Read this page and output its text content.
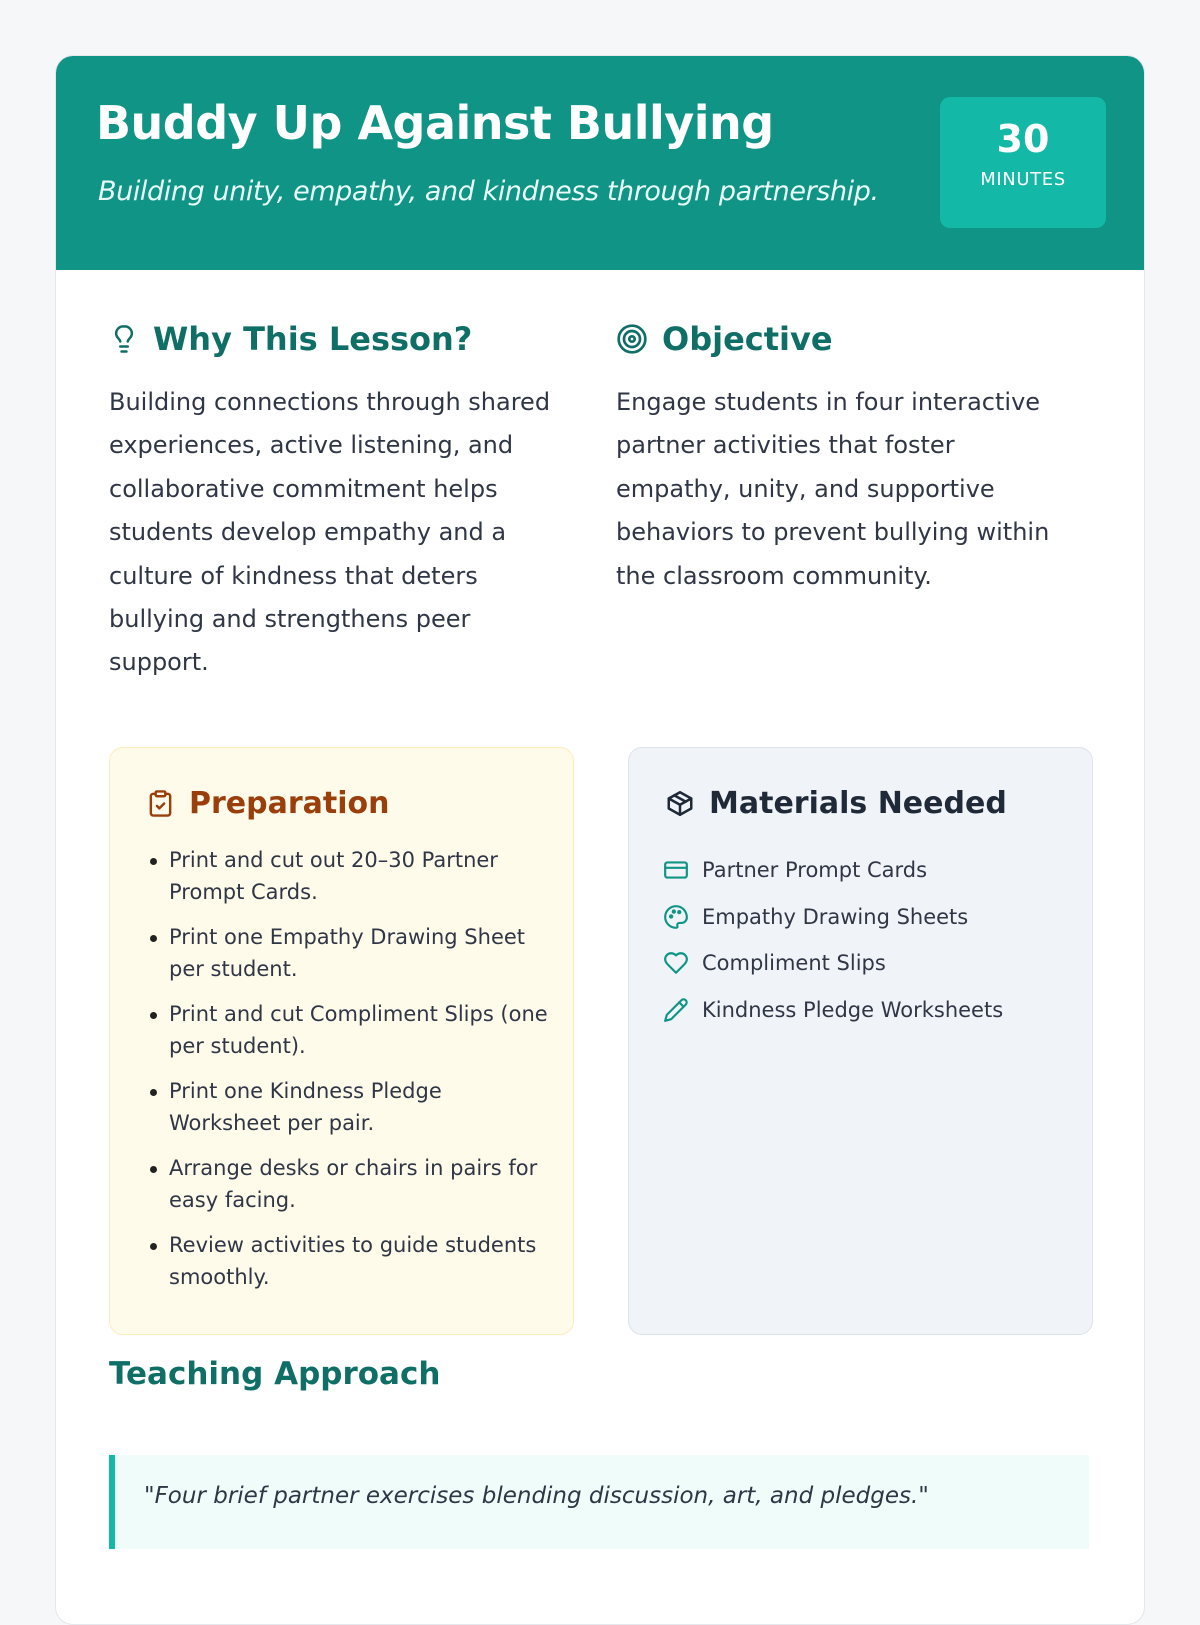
Buddy Up Against Bullying
Building unity, empathy, and kindness through partnership.
30
MINUTES
Why This Lesson?

Building connections through shared experiences, active listening, and collaborative commitment helps students develop empathy and a culture of kindness that deters bullying and strengthens peer support.

Objective

Engage students in four interactive partner activities that foster empathy, unity, and supportive behaviors to prevent bullying within the classroom community.

Preparation
Print and cut out 20–30 Partner Prompt Cards.
Print one Empathy Drawing Sheet per student.
Print and cut Compliment Slips (one per student).
Print one Kindness Pledge Worksheet per pair.
Arrange desks or chairs in pairs for easy facing.
Review activities to guide students smoothly.
Materials Needed
Partner Prompt Cards
Empathy Drawing Sheets
Compliment Slips
Kindness Pledge Worksheets
Teaching Approach
"Four brief partner exercises blending discussion, art, and pledges."
